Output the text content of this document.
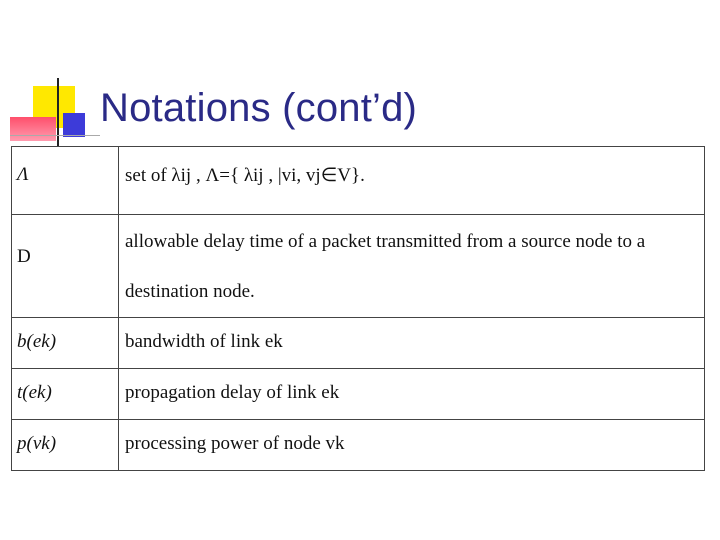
Notations (cont’d)
Λ	set of λij , Λ={ λij , |vi, vj∈V}.

D	allowable delay time of a packet transmitted from a source node to a
destination node.

b(ek)	bandwidth of link ek

t(ek)	propagation delay of link ek

p(vk)	processing power of node vk
